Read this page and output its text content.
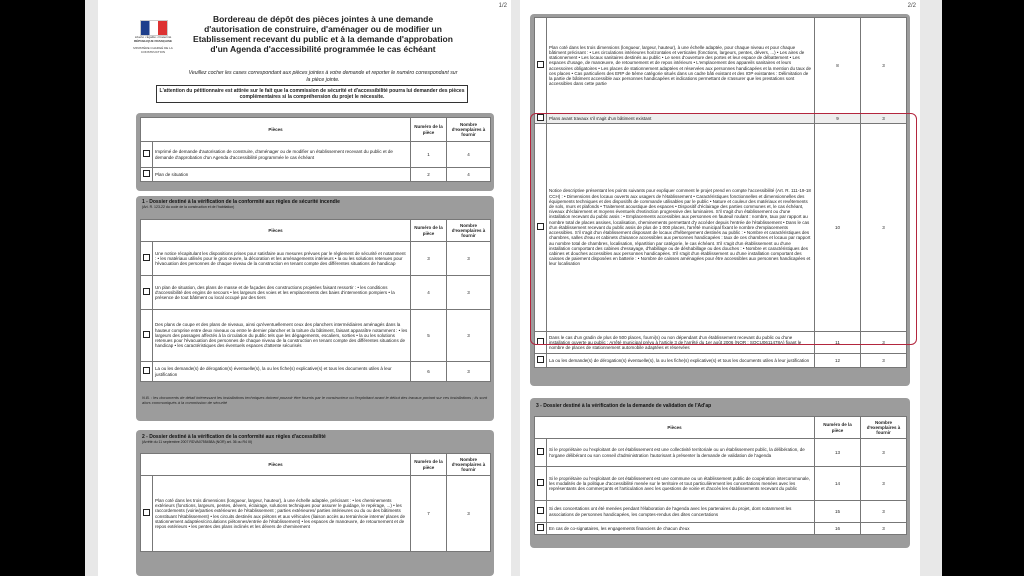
1/2
Liberté • Égalité • Fraternité
RÉPUBLIQUE FRANÇAISE
MINISTÈRE CHARGÉ DE LA CONSTRUCTION
Bordereau de dépôt des pièces jointes à une demande d'autorisation de construire, d'aménager ou de modifier un Etablissement recevant du public et à la demande d'approbation d'un Agenda d'accessibilité programmée le cas échéant
Veuillez cocher les cases correspondant aux pièces jointes à votre demande et reporter le numéro correspondant sur la pièce jointe.
L'attention du pétitionnaire est attirée sur le fait que la commission de sécurité et d'accessibilité pourra lui demander des pièces complémentaires si la compréhension du projet le nécessite.
Pièces		Numéro de la pièce	Nombre d'exemplaires à fournir
	Imprimé de demande d'autorisation de construire, d'aménager ou de modifier un établissement recevant du public et de demande d'approbation d'un Agenda d'accessibilité programmée le cas échéant	1	4
	Plan de situation	2	4
1 - Dossier destiné à la vérification de la conformité aux règles de sécurité incendie
(Art. R. 123-22 du code de la construction et de l'habitation)
Pièces		Numéro de la pièce	Nombre d'exemplaires à fournir
	Une notice récapitulant les dispositions prises pour satisfaire aux mesures prévues par le règlement de sécurité et notamment : • les matériaux utilisés pour le gros œuvre, la décoration et les aménagements intérieurs • la ou les solutions retenues pour l'évacuation des personnes de chaque niveau de la construction en tenant compte des différentes situations de handicap	3	3
	Un plan de situation, des plans de masse et de façades des constructions projetées faisant ressortir : • les conditions d'accessibilité des engins de secours • les largeurs des voies et les emplacements des baies d'intervention pompiers • la présence de tout bâtiment ou local occupé par des tiers	4	3
	Des plans de coupe et des plans de niveaux, ainsi qu'éventuellement ceux des planchers intermédiaires aménagés dans la hauteur comprise entre deux niveaux ou entre le dernier plancher et la toiture du bâtiment, faisant apparaître notamment : • les largeurs des passages affectés à la circulation du public tels que les dégagements, escaliers, sorties • la ou les solutions retenues pour l'évacuation des personnes de chaque niveau de la construction en tenant compte des différentes situations de handicap • les caractéristiques des éventuels espaces d'attente sécurisés	5	3
	La ou les demande(s) de dérogation(s) éventuelle(s), la ou les fiche(s) explicative(s) et tous les documents utiles à leur justification	6	3
N.B. : les documents de détail intéressant les installations techniques doivent pouvoir être fournis par le constructeur ou l'exploitant avant le début des travaux portant sur ces installations ; ils sont alors communiqués à la commission de sécurité
2 - Dossier destiné à la vérification de la conformité aux règles d'accessibilité
(Arrêté du 11 septembre 2007 RDVA0755458A (NOR) art. 36 ou R4 III)
Pièces		Numéro de la pièce	Nombre d'exemplaires à fournir
	Plan coté dans les trois dimensions (longueur, largeur, hauteur), à une échelle adaptée, précisant : • les cheminements extérieurs (fonctions, largeurs, pentes, dévers, éclairage, solutions techniques pour assurer le guidage, le repérage, ...) • les raccordements (voirie/parties extérieures de l'établissement ; parties extérieures/ parties intérieures ou du ou des bâtiments constituant l'établissement) • les circuits destinés aux piétons et aux véhicules (liaison accès au terrain/voie interne/ places de stationnement adaptées/circulations piétonnes/entrée de l'établissement) • les espaces de manœuvre, de retournement et de repos extérieurs • les pentes des plans inclinés et les dévers de cheminement	7	3
2/2
	Plan coté dans les trois dimensions (longueur, largeur, hauteur), à une échelle adaptée, pour chaque niveau et pour chaque bâtiment précisant : • Les circulations intérieures horizontales et verticales (fonctions, largeurs, pentes, dévers, ...) • Les aires de stationnement • Les locaux sanitaires destinés au public • Le sens d'ouverture des portes et leur espace de débattement • Les espaces d'usage, de manœuvre, de retournement et de repos intérieurs • L'emplacement des appareils sanitaires et leurs accessoires obligatoires • Les places de stationnement adaptées et réservées aux personnes handicapées et la mention du taux de ces places • Cas particuliers des ERP de 5ème catégorie situés dans un cadre bâti existant et des IOP existantes : Délimitation de la partie de bâtiment accessible aux personnes handicapées et indications permettant de s'assurer que les prestations sont accessibles dans cette partie	8	3
	Plans avant travaux s'il s'agit d'un bâtiment existant	9	3
	Notice descriptive présentant les points suivants pour expliquer comment le projet prend en compte l'accessibilité (Art. R. 111-19-18 CCH) : • Dimensions des locaux ouverts aux usagers de l'établissement • Caractéristiques fonctionnelles et dimensionnelles des équipements techniques et des dispositifs de commande utilisables par le public • Nature et couleur des matériaux et revêtements de sols, murs et plafonds • Traitement acoustique des espaces • Dispositif d'éclairage des parties communes et, le cas échéant, niveaux d'éclairement et moyens éventuels d'extinction progressive des luminaires. S'il s'agit d'un établissement ou d'une installation recevant du public assis : • Emplacements accessibles aux personnes en fauteuil roulant : nombre, taux par rapport au nombre total de places assises, localisation, cheminements permettant d'y accéder depuis l'entrée de l'établissement • Dans le cas d'un établissement recevant du public assis de plus de 1 000 places, l'arrêté municipal fixant le nombre d'emplacements accessibles. S'il s'agit d'un établissement disposant de locaux d'hébergement destinés au public : • Nombre et caractéristiques des chambres, salles d'eau et cabinets d'aisance accessibles aux personnes handicapées : taux de ces chambres et locaux par rapport au nombre total de chambres, localisation, répartition par catégorie, le cas échéant. S'il s'agit d'un établissement ou d'une installation comportant des cabines d'essayage, d'habillage ou de déshabillage ou des douches : • Nombre et caractéristiques des cabines et douches accessibles aux personnes handicapées. S'il s'agit d'un établissement ou d'une installation comportant des caisses de paiement disposées en batterie : • Nombre de caisses aménagées pour être accessibles aux personnes handicapées et leur localisation	10	3
	Dans le cas d'un gradin de plus de 500 places, fourni(s) ou non dépendant d'un établissement recevant du public ou d'une installation ouverte au public : Arrêté municipal prévu à l'article 3 de l'arrêté du 1er août 2006 (NOR : SOCU0611478A) fixant le nombre de places de stationnement automobile adaptées et réservées	11	3
	La ou les demande(s) de dérogation(s) éventuelle(s), la ou les fiche(s) explicative(s) et tous les documents utiles à leur justification	12	3
3 - Dossier destiné à la vérification de la demande de validation de l'Ad'ap
Pièces		Numéro de la pièce	Nombre d'exemplaires à fournir
	Si le propriétaire ou l'exploitant de cet établissement est une collectivité territoriale ou un établissement public, la délibération, de l'organe délibérant ou son conseil d'administration l'autorisant à présenter la demande de validation de l'agenda	13	3
	Si le propriétaire ou l'exploitant de cet établissement est une commune ou un établissement public de coopération intercommunale, les modalités de la politique d'accessibilité menée sur le territoire et tout particulièrement les concertations menées avec les représentants des commerçants et l'articulation avec les questions de voirie et d'accès les établissements recevant du public	14	3
	Si des concertations ont été menées pendant l'élaboration de l'agenda avec les partenaires du projet, dont notamment les associations de personnes handicapées, les comptes-rendus des dites concertations	15	3
	En cas de co-signataires, les engagements financiers de chacun d'eux	16	3
